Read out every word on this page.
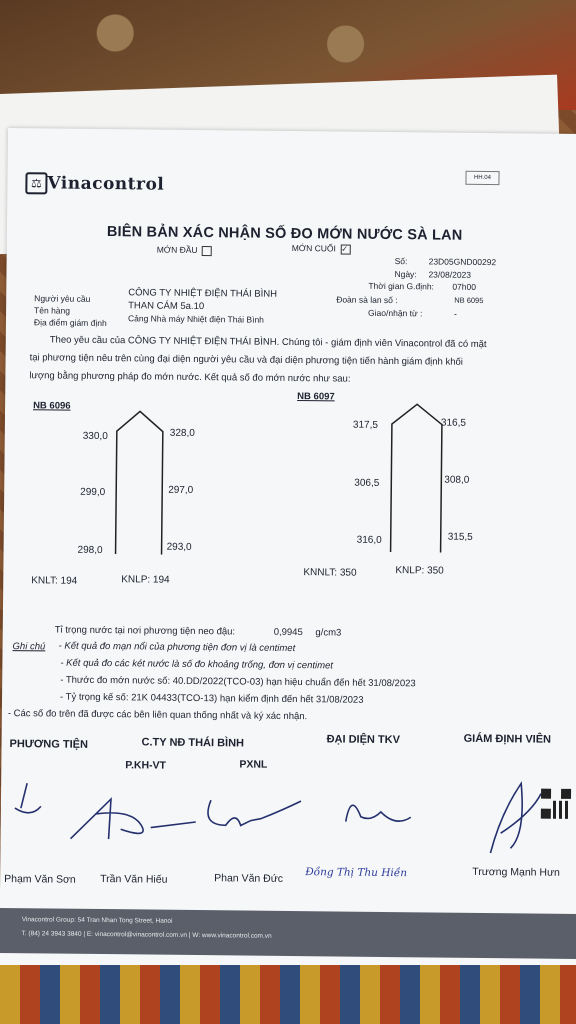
⚖ Vinacontrol	HH.04
BIÊN BẢN XÁC NHẬN SỐ ĐO MỚN NƯỚC SÀ LAN
MỚN ĐẦU	MỚN CUỐI ✓
Số: 23D05GND00292
Ngày: 23/08/2023
Người yêu cầu	CÔNG TY NHIỆT ĐIỆN THÁI BÌNH
Tên hàng	THAN CÁM 5a.10
Địa điểm giám định Cảng Nhà máy Nhiệt điện Thái Bình
Thời gian G.định: 07h00
Đoàn sà lan số :	NB 6095
Giao/nhận từ :	-
Theo yêu cầu của CÔNG TY NHIỆT ĐIỆN THÁI BÌNH. Chúng tôi - giám định viên Vinacontrol đã có mặt
tại phương tiện nêu trên cùng đại diện người yêu cầu và đại diện phương tiện tiến hành giám định khối
lượng bằng phương pháp đo mớn nước. Kết quả số đo mớn nước như sau:
NB 6096
330,0	328,0
299,0	297,0
298,0	293,0
KNLT: 194	KNLP: 194
NB 6097
317,5	316,5
306,5	308,0
316,0	315,5
KNNLT: 350	KNLP: 350
Tỉ trọng nước tại nơi phương tiện neo đậu:	0,9945 g/cm3
Ghi chú - Kết quả đo mạn nổi của phương tiện đơn vị là centimet
- Kết quả đo các két nước là số đo khoảng trống, đơn vị centimet
- Thước đo mớn nước số: 40.DD/2022(TCO-03) hạn hiệu chuẩn đến hết 31/08/2023
- Tỷ trọng kế số: 21K 04433(TCO-13) hạn kiểm định đến hết 31/08/2023
- Các số đo trên đã được các bên liên quan thống nhất và ký xác nhận.
PHƯƠNG TIỆN	C.TY NĐ THÁI BÌNH	ĐẠI DIỆN TKV	GIÁM ĐỊNH VIÊN
P.KH-VT	PXNL
Phạm Văn Sơn Trần Văn Hiếu	Phan Văn Đức Đồng Thị Thu Hiền	Trương Mạnh Hưn
Vinacontrol Group: 54 Tran Nhan Tong Street, Hanoi
T. (84) 24 3943 3840 | E: vinacontrol@vinacontrol.com.vn | W: www.vinacontrol.com.vn
